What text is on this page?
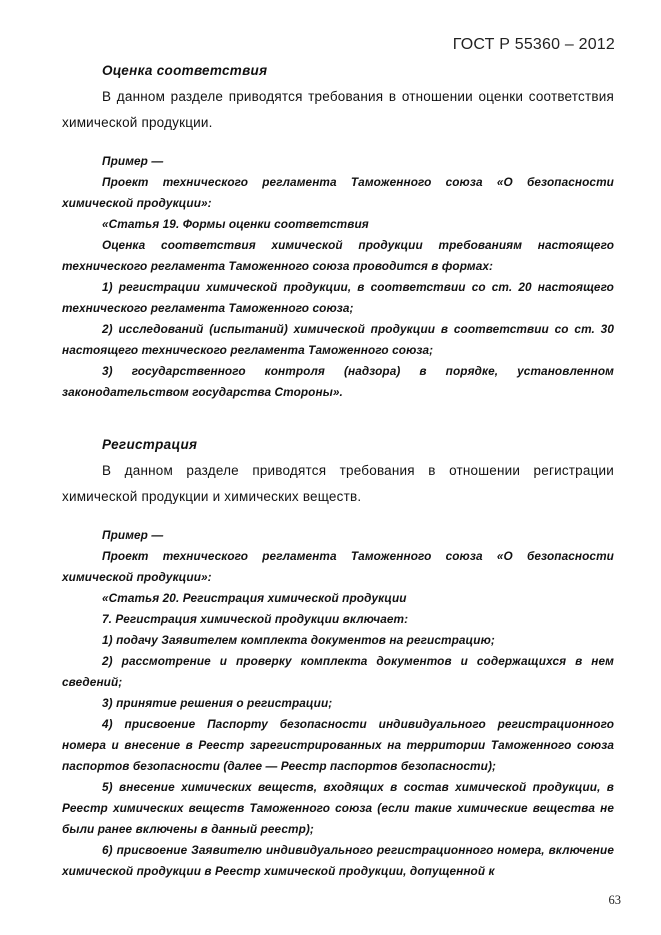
ГОСТ Р 55360 – 2012

Оценка соответствия

В данном разделе приводятся требования в отношении оценки соответствия химической продукции.

Пример —

Проект технического регламента Таможенного союза «О безопасности химической продукции»:

«Статья 19. Формы оценки соответствия

Оценка соответствия химической продукции требованиям настоящего технического регламента Таможенного союза проводится в формах:

1) регистрации химической продукции, в соответствии со ст. 20 настоящего технического регламента Таможенного союза;

2) исследований (испытаний) химической продукции в соответствии со ст. 30 настоящего технического регламента Таможенного союза;

3) государственного контроля (надзора) в порядке, установленном законодательством государства Стороны».

Регистрация

В данном разделе приводятся требования в отношении регистрации химической продукции и химических веществ.

Пример —

Проект технического регламента Таможенного союза «О безопасности химической продукции»:

«Статья 20. Регистрация химической продукции

7. Регистрация химической продукции включает:

1) подачу Заявителем комплекта документов на регистрацию;

2) рассмотрение и проверку комплекта документов и содержащихся в нем сведений;

3) принятие решения о регистрации;

4) присвоение Паспорту безопасности индивидуального регистрационного номера и внесение в Реестр зарегистрированных на территории Таможенного союза паспортов безопасности (далее — Реестр паспортов безопасности);

5) внесение химических веществ, входящих в состав химической продукции, в Реестр химических веществ Таможенного союза (если такие химические вещества не были ранее включены в данный реестр);

6) присвоение Заявителю индивидуального регистрационного номера, включение химической продукции в Реестр химической продукции, допущенной к

63
